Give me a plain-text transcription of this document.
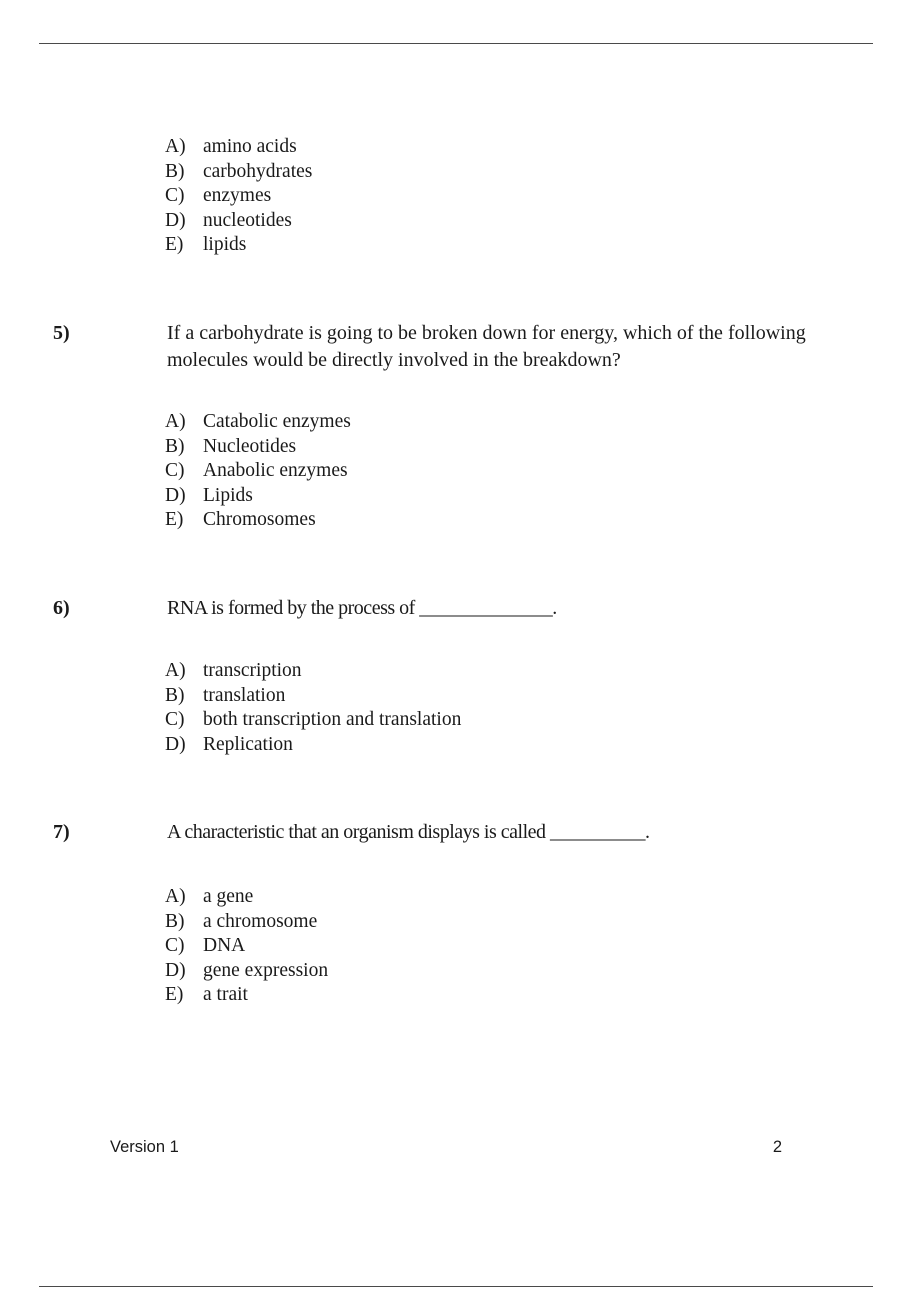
A) amino acids
B) carbohydrates
C) enzymes
D) nucleotides
E)	lipids
5)	If a carbohydrate is going to be broken down for energy, which of the following molecules would be directly involved in the breakdown?
A) Catabolic enzymes
B) Nucleotides
C) Anabolic enzymes
D) Lipids
E)	Chromosomes
6)	RNA is formed by the process of ______________.
A) transcription
B) translation
C) both transcription and translation
D) Replication
7)	A characteristic that an organism displays is called __________.
A) a gene
B) a chromosome
C) DNA
D) gene expression
E)	a trait
Version 1	2
